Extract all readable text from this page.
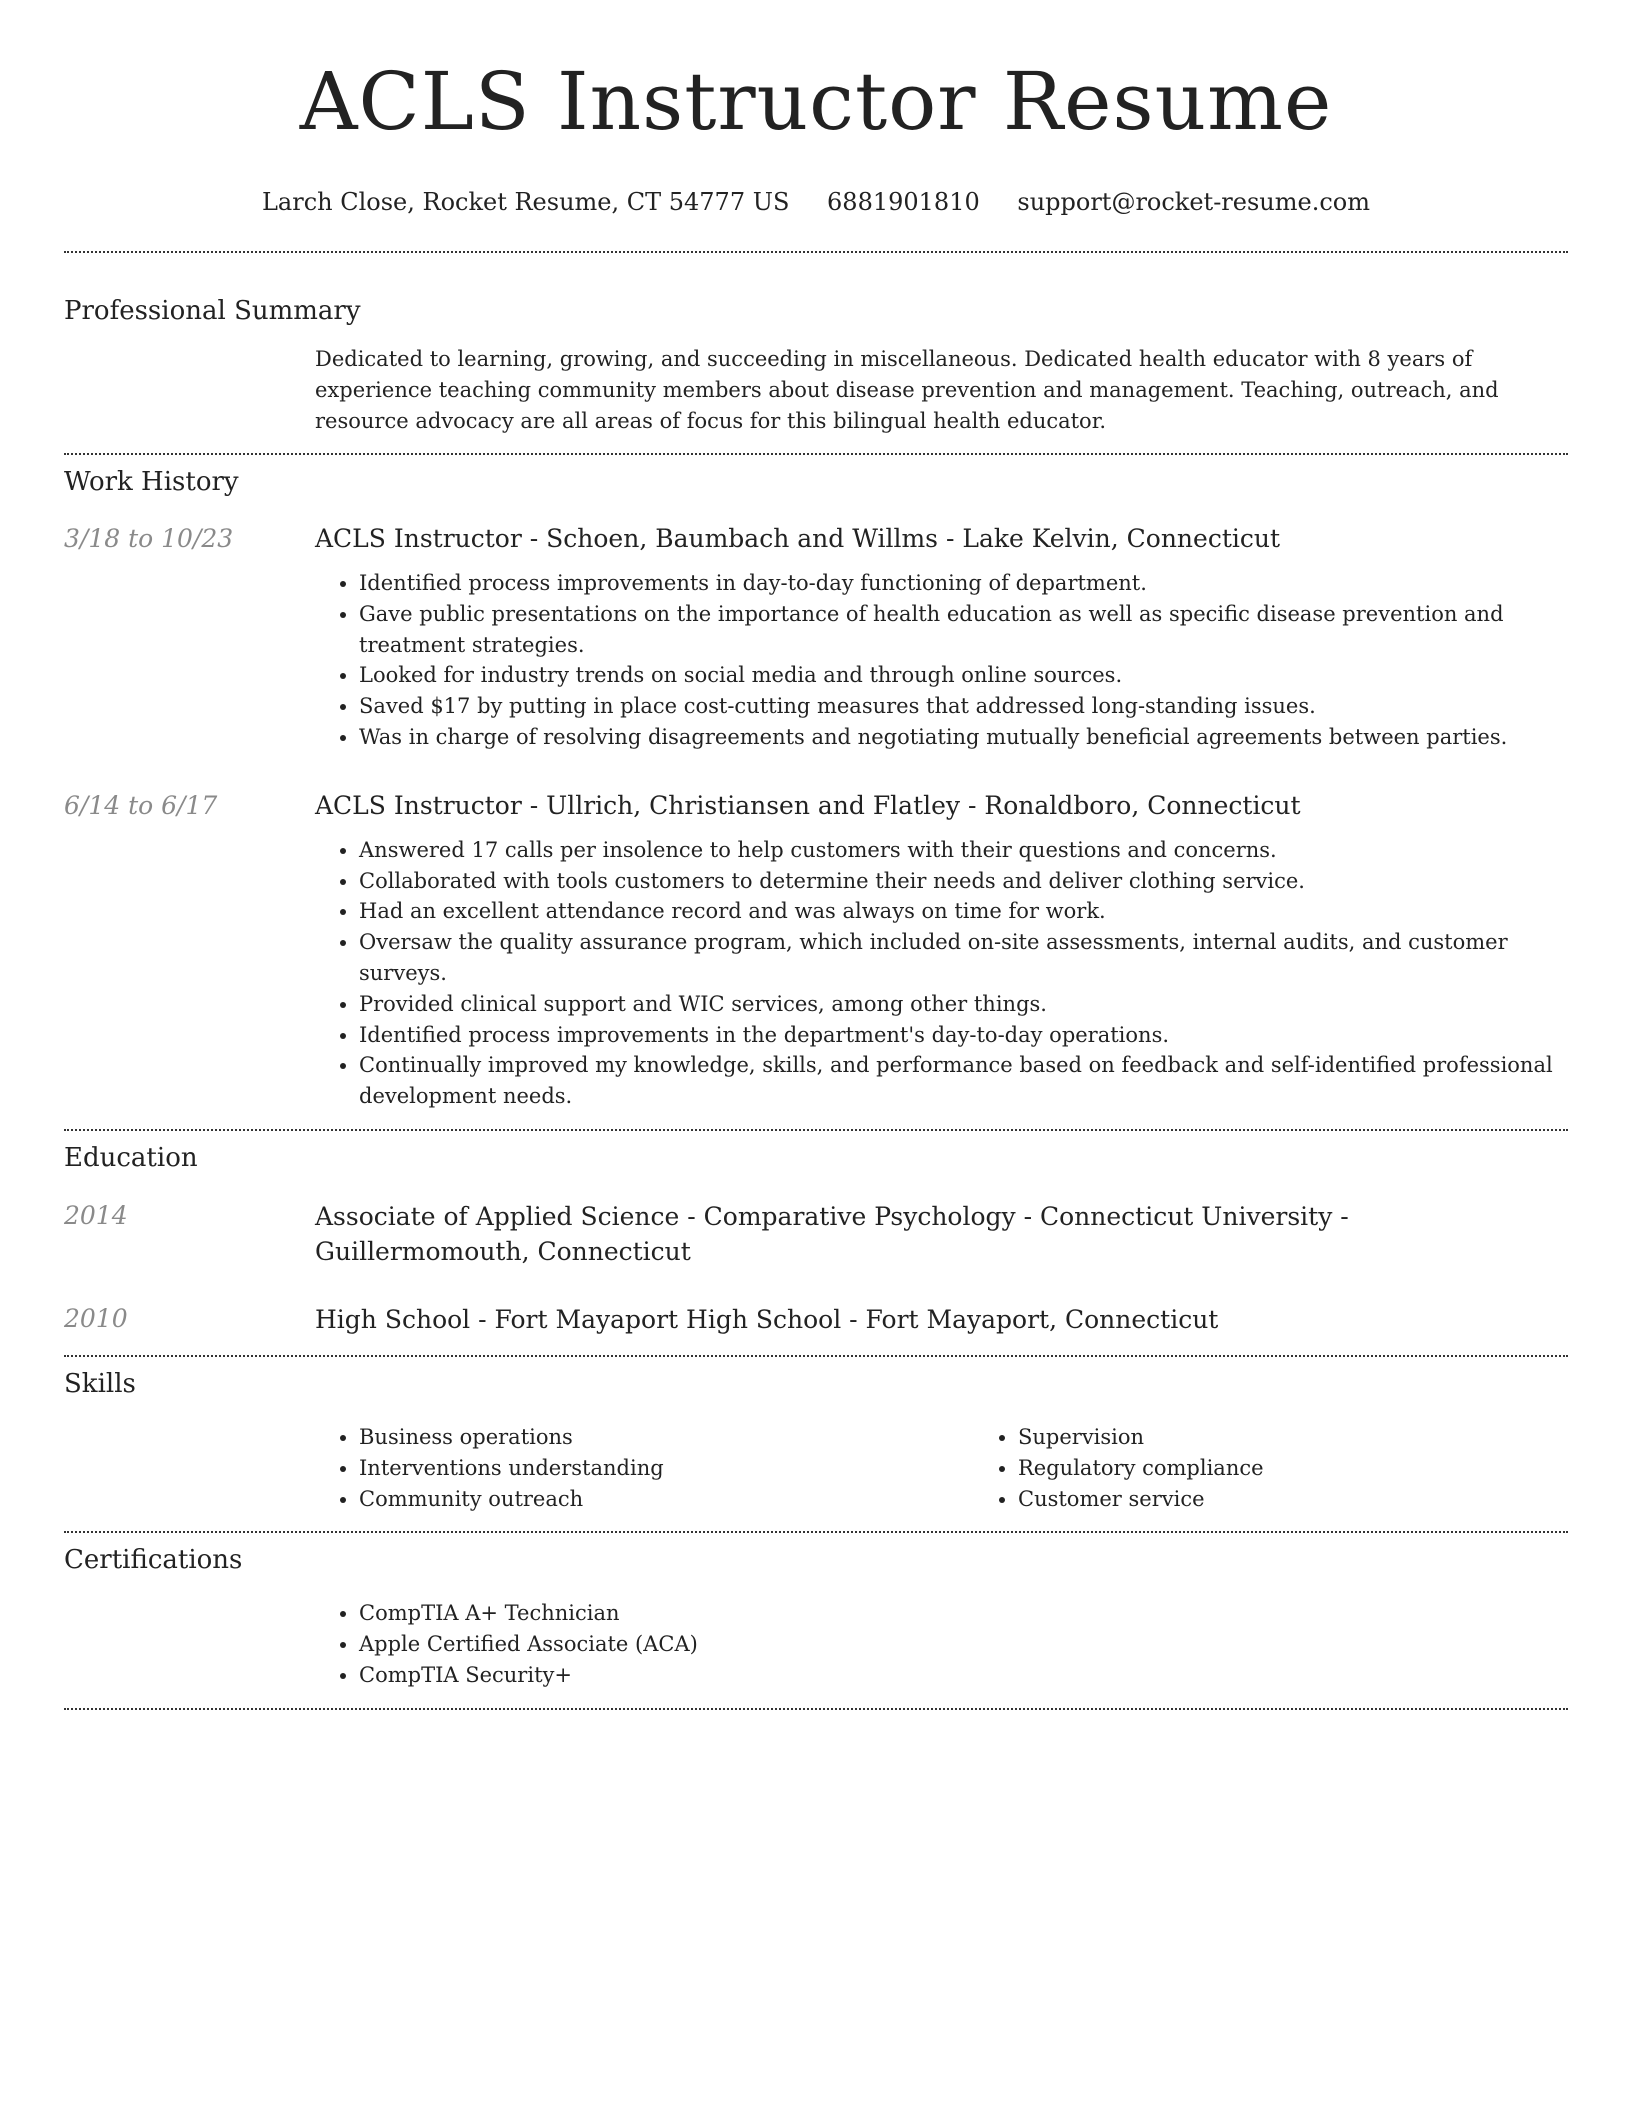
ACLS Instructor Resume
Larch Close, Rocket Resume, CT 54777 US 6881901810 support@rocket-resume.com
Professional Summary

Dedicated to learning, growing, and succeeding in miscellaneous. Dedicated health educator with 8 years of experience teaching community members about disease prevention and management. Teaching, outreach, and resource advocacy are all areas of focus for this bilingual health educator.

Work History
3/18 to 10/23	ACLS Instructor - Schoen, Baumbach and Willms - Lake Kelvin, Connecticut

• Identified process improvements in day-to-day functioning of department.
• Gave public presentations on the importance of health education as well as specific disease prevention and treatment strategies.
• Looked for industry trends on social media and through online sources.
• Saved $17 by putting in place cost-cutting measures that addressed long-standing issues.
• Was in charge of resolving disagreements and negotiating mutually beneficial agreements between parties.
6/14 to 6/17	ACLS Instructor - Ullrich, Christiansen and Flatley - Ronaldboro, Connecticut

• Answered 17 calls per insolence to help customers with their questions and concerns.
• Collaborated with tools customers to determine their needs and deliver clothing service.
• Had an excellent attendance record and was always on time for work.
• Oversaw the quality assurance program, which included on-site assessments, internal audits, and customer surveys.
• Provided clinical support and WIC services, among other things.
• Identified process improvements in the department's day-to-day operations.
• Continually improved my knowledge, skills, and performance based on feedback and self-identified professional development needs.
Education
2014	Associate of Applied Science - Comparative Psychology - Connecticut University - Guillermomouth, Connecticut

2010	High School - Fort Mayaport High School - Fort Mayaport, Connecticut

Skills
• Business operations
• Interventions understanding
• Community outreach
• Supervision
• Regulatory compliance
• Customer service
Certifications
• CompTIA A+ Technician
• Apple Certified Associate (ACA)
• CompTIA Security+
